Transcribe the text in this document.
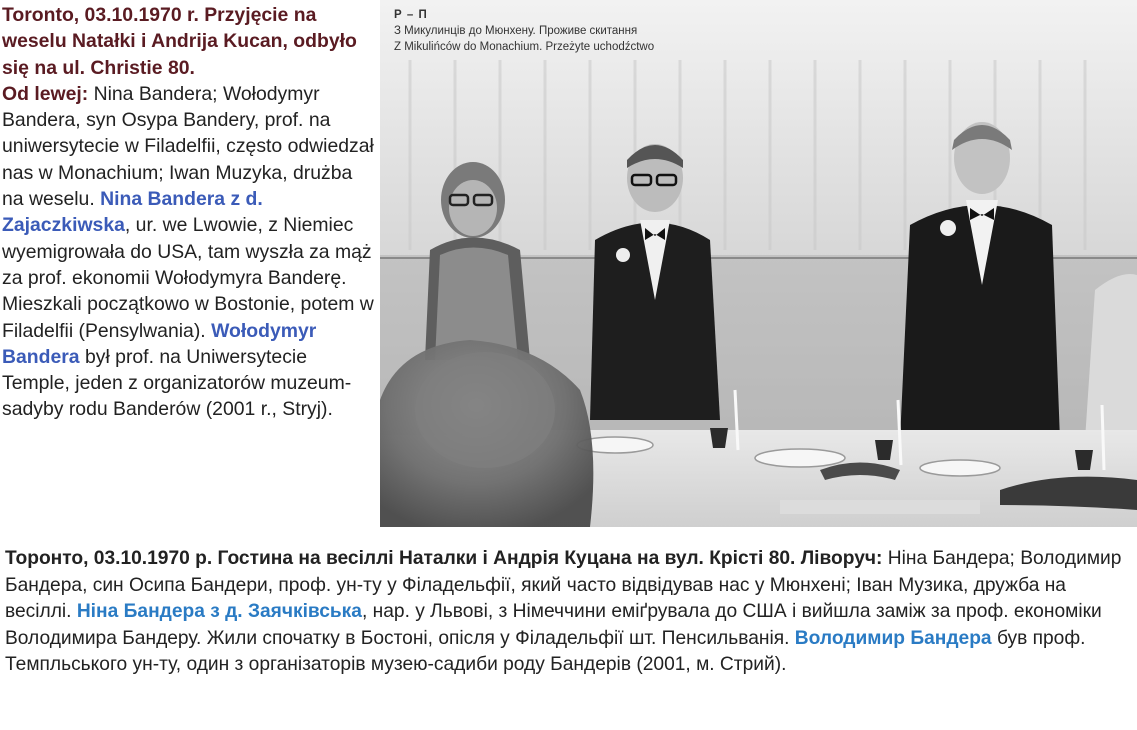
Toronto, 03.10.1970 r. Przyjęcie na weselu Natałki i Andrija Kucan, odbyło się na ul. Christie 80.
Od lewej: Nina Bandera; Wołodymyr Bandera, syn Osypa Bandery, prof. na uniwersytecie w Filadelfii, często odwiedzał nas w Monachium; Iwan Muzyka, drużba na weselu. Nina Bandera z d. Zajaczkiwska, ur. we Lwowie, z Niemiec wyemigrowała do USA, tam wyszła za mąż za prof. ekonomii Wołodymyra Banderę. Mieszkali początkowo w Bostonie, potem w Filadelfii (Pensylwania). Wołodymyr Bandera był prof. na Uniwersytecie Temple, jeden z organizatorów muzeum-sadyby rodu Banderów (2001 r., Stryj).
Р – П
З Микулинців до Мюнхену. Проживе скитання
Z Mikulińców do Monachium. Przeżyte uchodźctwo
Торонто, 03.10.1970 р. Гостина на весіллі Наталки і Андрія Куцана на вул. Крісті 80. Ліворуч: Ніна Бандера; Володимир Бандера, син Осипа Бандери, проф. ун-ту у Філадельфії, який часто відвідував нас у Мюнхені; Іван Музика, дружба на весіллі. Ніна Бандера з д. Заячківська, нар. у Львові, з Німеччини еміґрувала до США і вийшла заміж за проф. економіки Володимира Бандеру. Жили спочатку в Бостоні, опісля у Філадельфії шт. Пенсильванія. Володимир Бандера був проф. Темпльського ун-ту, один з організаторів музею-садиби роду Бандерів (2001, м. Стрий).
